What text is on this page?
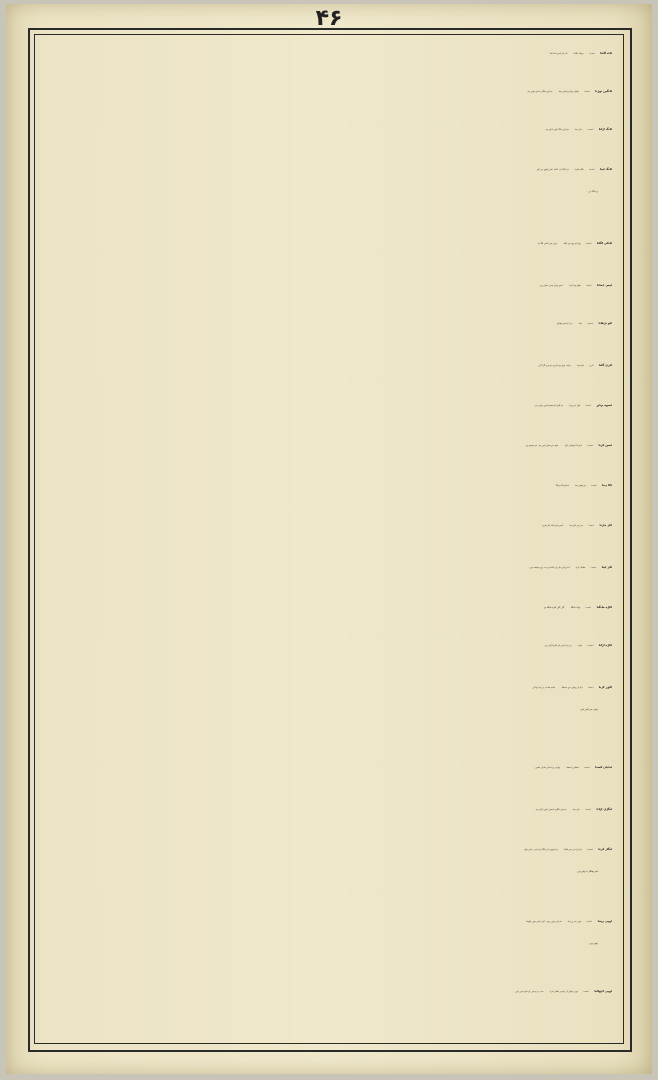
۴۶
ٹاٹ اُلٹنا (متعدی) دیوالہ نکالنا۔ آخر کو اُسنے ٹاٹ الٹا۔
ٹانگیں توڑنا (متعدی) تھکان ہونا پریشان ہونا۔ تم اپنی ٹانگیں ناحق توڑتے ہو۔
ٹانگ اڑانا (متعدی) دخل دینا۔ تم اپنی ٹانگ کیوں اڑاتے ہو۔
ٹانگ لینا (متعدی) ٹانگ پکڑنا۔ ذرا ٹانگ لو۔ کاٹنا۔ قدم رکھتے ہی کتے
نے ٹانگ لی۔
ٹانکی لگانا (متعدی) پھل کو بیچ سے کاٹنا۔ تربوز میں ٹانکی لگا دو۔
ٹپس جمانا (متعدی) تعلق پیدا کرنا۔ اسنے وہاں ٹپس جمائی ہے۔
ٹٹو بڑھانا (متعدی) جانا۔ بس اپنا ٹٹو بڑھایئے۔
ٹٹری گلنا (لازم) دبلا ہونا۔ دولت خرچ ہونا میری تو ٹٹری گل گئی۔
ٹسوے بہانے (متعدی) فیل سے رونا۔ تم کاہے کو ٹسوے کیوں بہاتی ہو۔
ٹسن کرنا (متعدی) خیل لانا بیوفائی کرنا۔ مجھ سے ٹسن کرتے ہو۔ غیر فصیح ہے۔
ٹکا دینا (متعدی) دو پیسے دینا۔ اسکو ٹکا دو نگا۔
ٹکر مارنا (متعدی) سر سے ٹکر دینا۔ اُسنے میرے ایک ٹکر ماری۔
ٹکر لینا (متعدی) مقابلہ کرنا۔ اُسنے کون ٹکر لے سکتا ہے شہ زور دولتمند ہیں۔
ٹکڑے مانگنا (متعدی) بھیک مانگنا۔ گلی گلی ٹکڑے مانگتا ہے۔
ٹکڑے اڑانا (متعدی) مارنا۔ دن رات لوٹی کے ٹکڑے اڑاتی ہے۔
ٹکور کرنا (متعدی) دوا کی پوٹلی سے سینکنا۔ حکیم صاحب نے کہا دوا کی
پوٹلی سے ٹکور کرو۔
ٹنڈیاں کسنا (متعدی) مشکیں باندھنا۔ پولیس نے اسکی ٹنڈیاں کسیں۔
ٹنگڑی اڑانا (متعدی) دخل دینا۔ تم اپنی ٹنگڑی اسمیں کیوں اڑاتے ہو۔
ٹنگار کرنا (متعدی) ذرا ذرا سی چیز کھانا۔ وہ میووں کی ٹنگار کرتا ہے۔ دہلی والے
اسے ٹھنگار نا بولتے ہیں۔
ٹوپی پہننا (متعدی) ٹوپی سر پر دینا۔ تم اپنی ٹوپی پہنو۔ اہل دہلی ٹوپی اوڑھنا
بولتے ہیں۔
ٹوپی اچھالنا (متعدی) ٹوپی اچھال کر خوشی ظاہر کرنا۔ سب نے خوشی کے مارے اپنی اپنی
